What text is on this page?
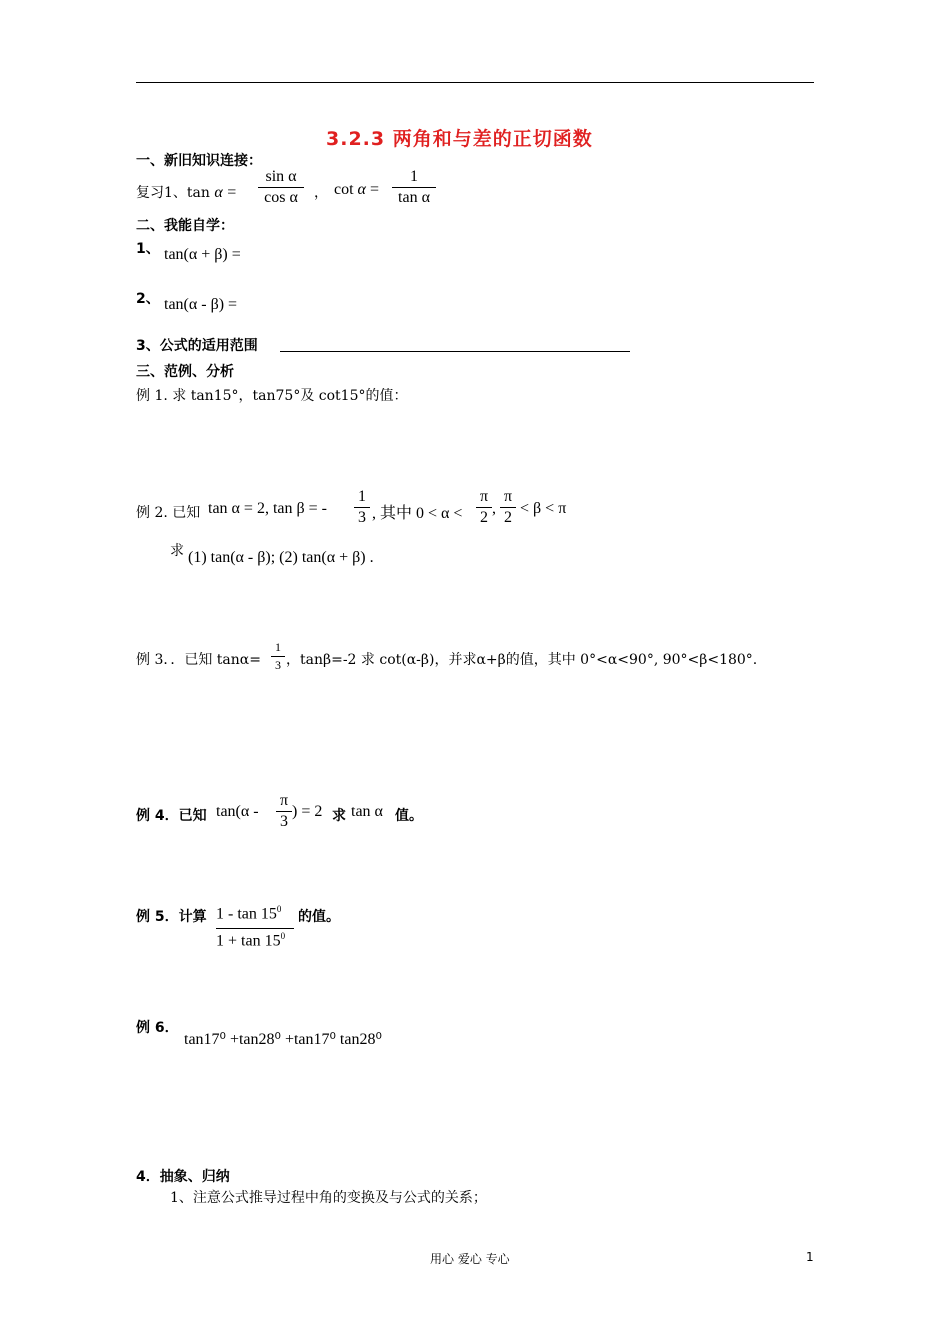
3.2.3 两角和与差的正切函数
一、新旧知识连接：
复习1、tan α =
sin α
cos α	， cot α =
1
tan α
二、我能自学：
1、 tan(α + β) =
2、 tan(α - β) =
3、公式的适用范围
三、范例、分析
例 1. 求 tan15°，tan75°及 cot15°的值：
例 2. 已知 tan α = 2, tan β = -
1
3 , 其中 0 < α <
π
2
,
π
2
< β < π
求 (1) tan(α - β); (2) tan(α + β) .
例 3．．已知 tanα=
1
3 ，tanβ=-2 求 cot(α-β)，并求α+β的值，其中 0°<α<90°, 90°<β<180°.
例 4．已知 tan(α -
π
3
) = 2 求 tan α 值。
例 5．计算 $1 - \tan 15^0$
$1 + \tan 15^0$
的值。
例 6．
tan17⁰ +tan28⁰ +tan17⁰ tan28⁰
4．抽象、归纳
1、注意公式推导过程中角的变换及与公式的关系；
用心 爱心 专心	1
